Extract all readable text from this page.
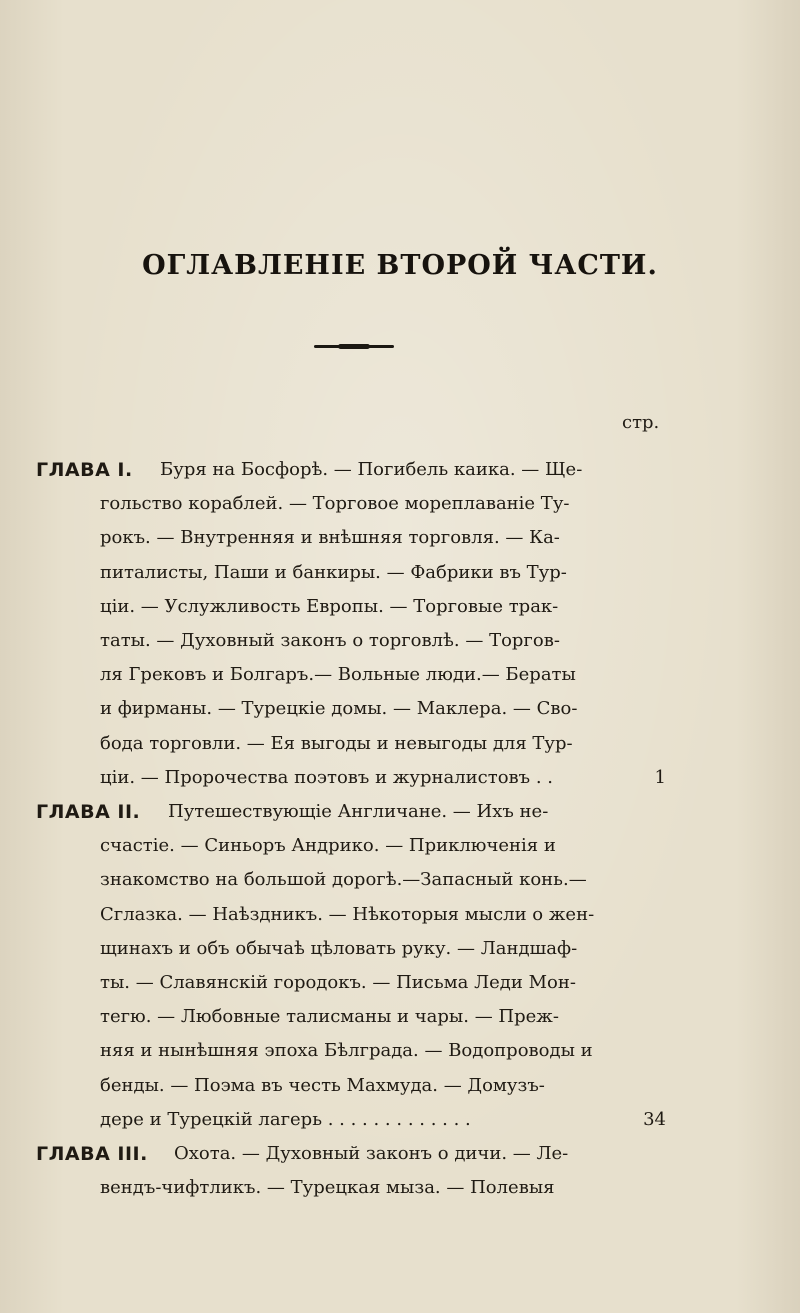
ОГЛАВЛЕНІЕ ВТОРОЙ ЧАСТИ.
стр.
ГЛАВА I. Буря на Босфорѣ. — Погибель каика. — Ще-
гольство кораблей. — Торговое мореплаваніе Ту-
рокъ. — Внутренняя и внѣшняя торговля. — Ка-
питалисты, Паши и банкиры. — Фабрики въ Тур-
ціи. — Услужливость Европы. — Торговые трак-
таты. — Духовный законъ о торговлѣ. — Торгов-
ля Грековъ и Болгаръ.— Вольные люди.— Бераты
и фирманы. — Турецкіе домы. — Маклера. — Сво-
бода торговли. — Ея выгоды и невыгоды для Тур-
ціи. — Пророчества поэтовъ и журналистовъ . .	1
ГЛАВА II. Путешествующіе Англичане. — Ихъ не-
счастіе. — Синьоръ Андрико. — Приключенія и
знакомство на большой дорогѣ.—Запасный конь.—
Сглазка. — Наѣздникъ. — Нѣкоторыя мысли о жен-
щинахъ и объ обычаѣ цѣловать руку. — Ландшаф-
ты. — Славянскій городокъ. — Письма Леди Мон-
тегю. — Любовные талисманы и чары. — Преж-
няя и нынѣшняя эпоха Бѣлграда. — Водопроводы и
бенды. — Поэма въ честь Махмуда. — Домузъ-
дере и Турецкій лагерь . . . . . . . . . . . . .	34
ГЛАВА III. Охота. — Духовный законъ о дичи. — Ле-
вендъ-чифтликъ. — Турецкая мыза. — Полевыя
